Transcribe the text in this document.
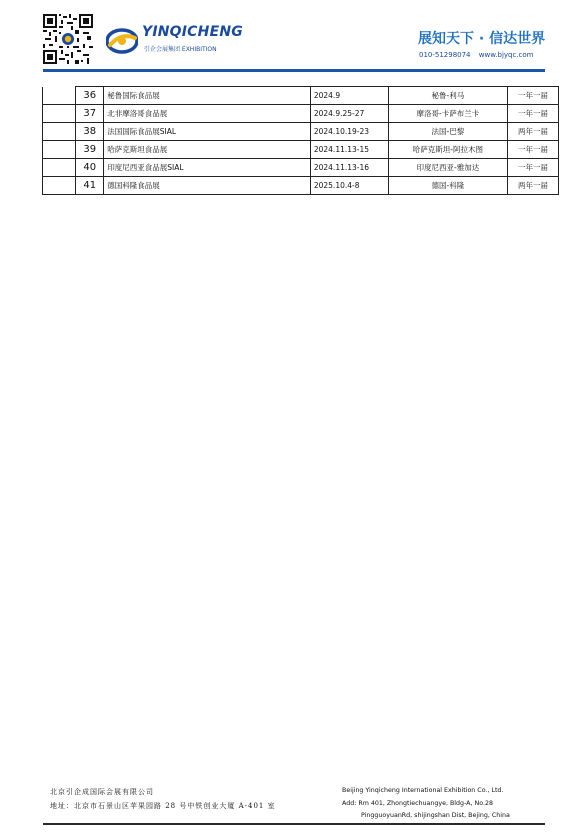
YINQICHENG
引企会展集团 EXHIBITION
展知天下 · 信达世界
010-51298074 www.bjyqc.com
	36	秘鲁国际食品展	2024.9	秘鲁-利马	一年一届
	37	北非摩洛哥食品展	2024.9.25-27	摩洛哥-卡萨布兰卡	一年一届
	38	法国国际食品展SIAL	2024.10.19-23	法国-巴黎	两年一届
	39	哈萨克斯坦食品展	2024.11.13-15	哈萨克斯坦-阿拉木图	一年一届
	40	印度尼西亚食品展SIAL	2024.11.13-16	印度尼西亚-雅加达	一年一届
	41	德国科隆食品展	2025.10.4-8	德国-科隆	两年一届
北京引企成国际会展有限公司
地址：北京市石景山区苹果园路 28 号中铁创业大厦 A-401 室
Beijing Yinqicheng International Exhibition Co., Ltd.
Add: Rm 401, Zhongtiechuangye, Bldg-A, No.28
PingguoyuanRd, shijingshan Dist, Bejing, China
